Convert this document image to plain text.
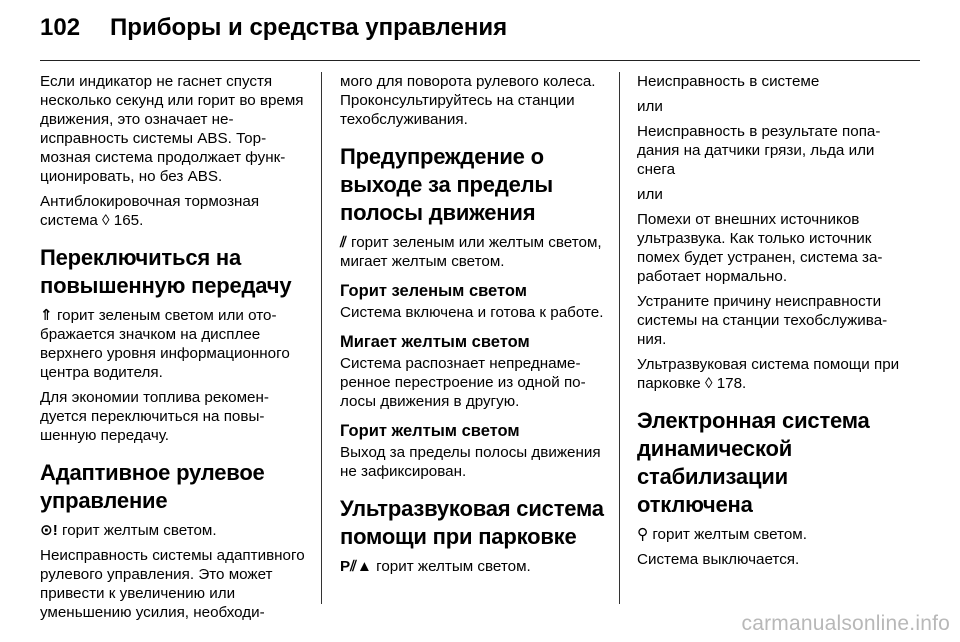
102 Приборы и средства управления

Если индикатор не гаснет спустя несколько секунд или горит во время движения, это означает неисправность системы ABS. Тормозная система продолжает функционировать, но без ABS.

Антиблокировочная тормозная система ◊ 165.

Переключиться на повышенную передачу

⇑ горит зеленым светом или отображается значком на дисплее верхнего уровня информационного центра водителя.

Для экономии топлива рекомендуется переключиться на повышенную передачу.

Адаптивное рулевое управление

⊙! горит желтым светом.

Неисправность системы адаптивного рулевого управления. Это может привести к увеличению или уменьшению усилия, необходи-

мого для поворота рулевого колеса. Проконсультируйтесь на станции техобслуживания.

Предупреждение о выходе за пределы полосы движения

⫽ горит зеленым или желтым светом, мигает желтым светом.

Горит зеленым светом

Система включена и готова к работе.

Мигает желтым светом

Система распознает непреднамеренное перестроение из одной полосы движения в другую.

Горит желтым светом

Выход за пределы полосы движения не зафиксирован.

Ультразвуковая система помощи при парковке

P⫽▲ горит желтым светом.

Неисправность в системе

или

Неисправность в результате попадания на датчики грязи, льда или снега

или

Помехи от внешних источников ультразвука. Как только источник помех будет устранен, система заработает нормально.

Устраните причину неисправности системы на станции техобслуживания.

Ультразвуковая система помощи при парковке ◊ 178.

Электронная система динамической стабилизации отключена

⚲ горит желтым светом.

Система выключается.

carmanualsonline.info
